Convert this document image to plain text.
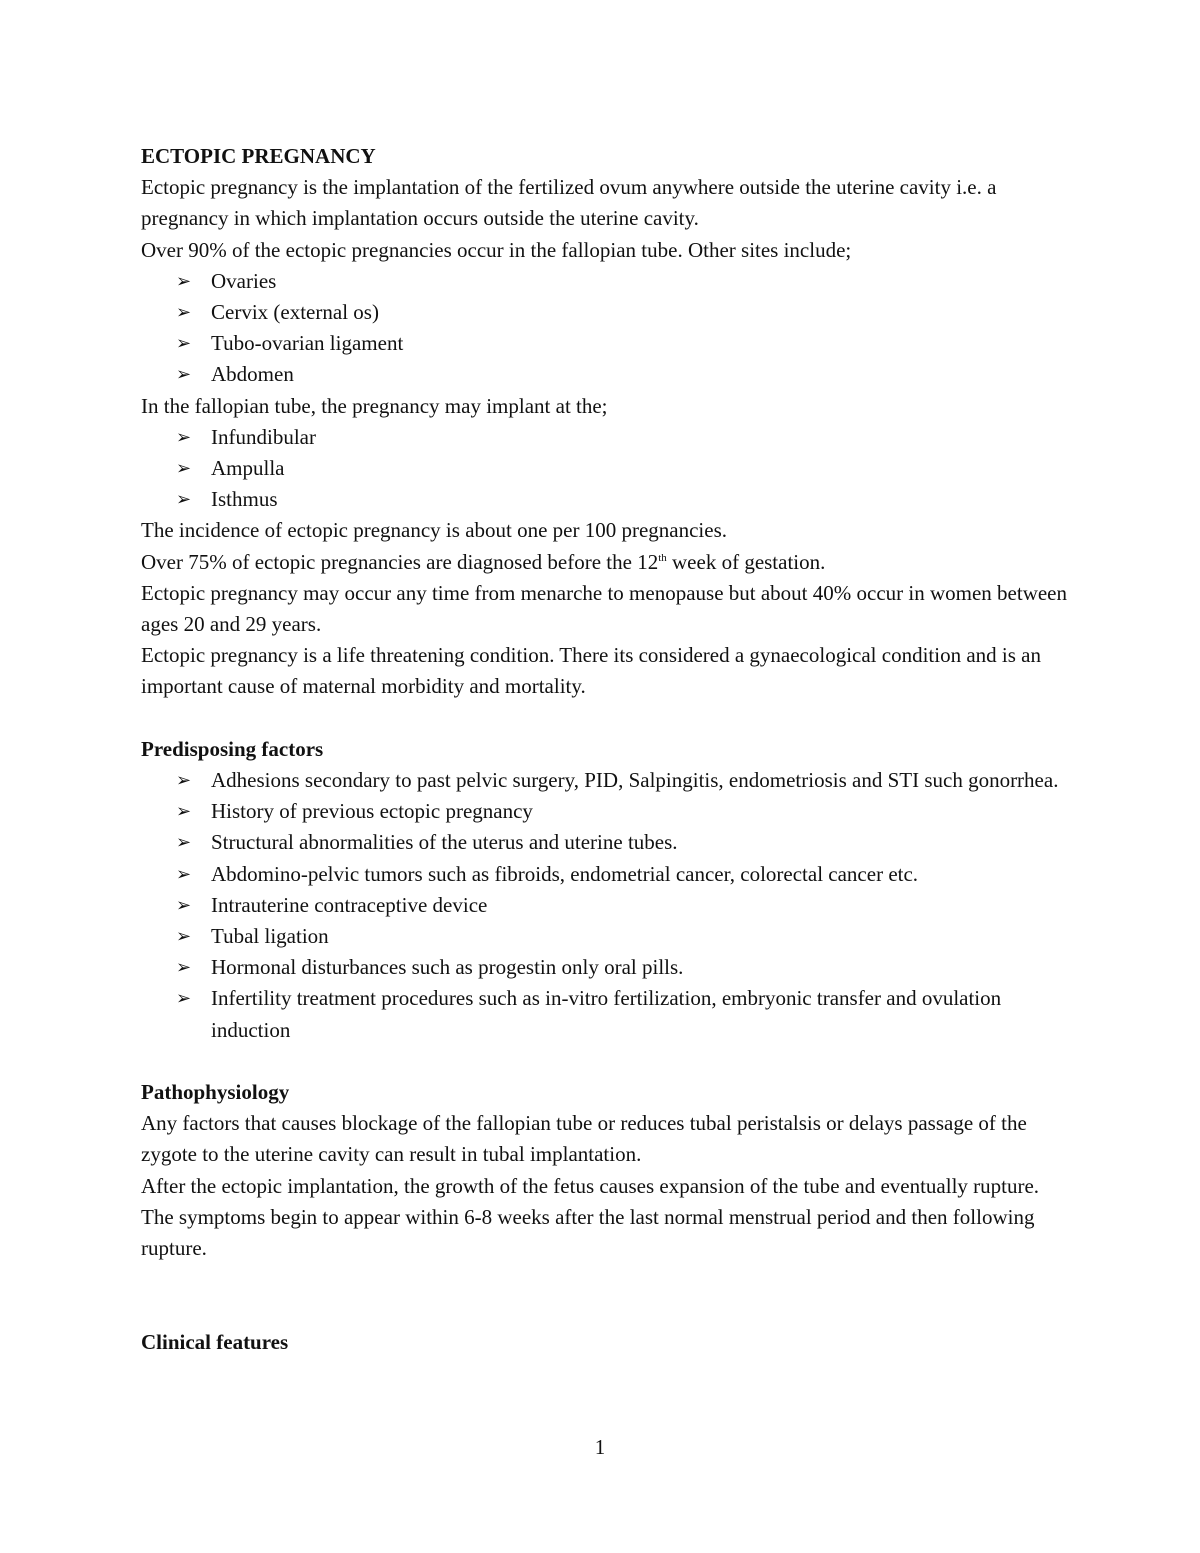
ECTOPIC PREGNANCY

Ectopic pregnancy is the implantation of the fertilized ovum anywhere outside the uterine cavity i.e. a pregnancy in which implantation occurs outside the uterine cavity.

Over 90% of the ectopic pregnancies occur in the fallopian tube. Other sites include;

➢ Ovaries
➢ Cervix (external os)
➢ Tubo-ovarian ligament
➢ Abdomen

In the fallopian tube, the pregnancy may implant at the;

➢ Infundibular
➢ Ampulla
➢ Isthmus

The incidence of ectopic pregnancy is about one per 100 pregnancies.

Over 75% of ectopic pregnancies are diagnosed before the 12th week of gestation.

Ectopic pregnancy may occur any time from menarche to menopause but about 40% occur in women between ages 20 and 29 years.

Ectopic pregnancy is a life threatening condition. There its considered a gynaecological condition and is an important cause of maternal morbidity and mortality.

Predisposing factors

➢ Adhesions secondary to past pelvic surgery, PID, Salpingitis, endometriosis and STI such gonorrhea.
➢ History of previous ectopic pregnancy
➢ Structural abnormalities of the uterus and uterine tubes.
➢ Abdomino-pelvic tumors such as fibroids, endometrial cancer, colorectal cancer etc.
➢ Intrauterine contraceptive device
➢ Tubal ligation
➢ Hormonal disturbances such as progestin only oral pills.
➢ Infertility treatment procedures such as in-vitro fertilization, embryonic transfer and ovulation induction

Pathophysiology

Any factors that causes blockage of the fallopian tube or reduces tubal peristalsis or delays passage of the zygote to the uterine cavity can result in tubal implantation.

After the ectopic implantation, the growth of the fetus causes expansion of the tube and eventually rupture.

The symptoms begin to appear within 6-8 weeks after the last normal menstrual period and then following rupture.

Clinical features

1
